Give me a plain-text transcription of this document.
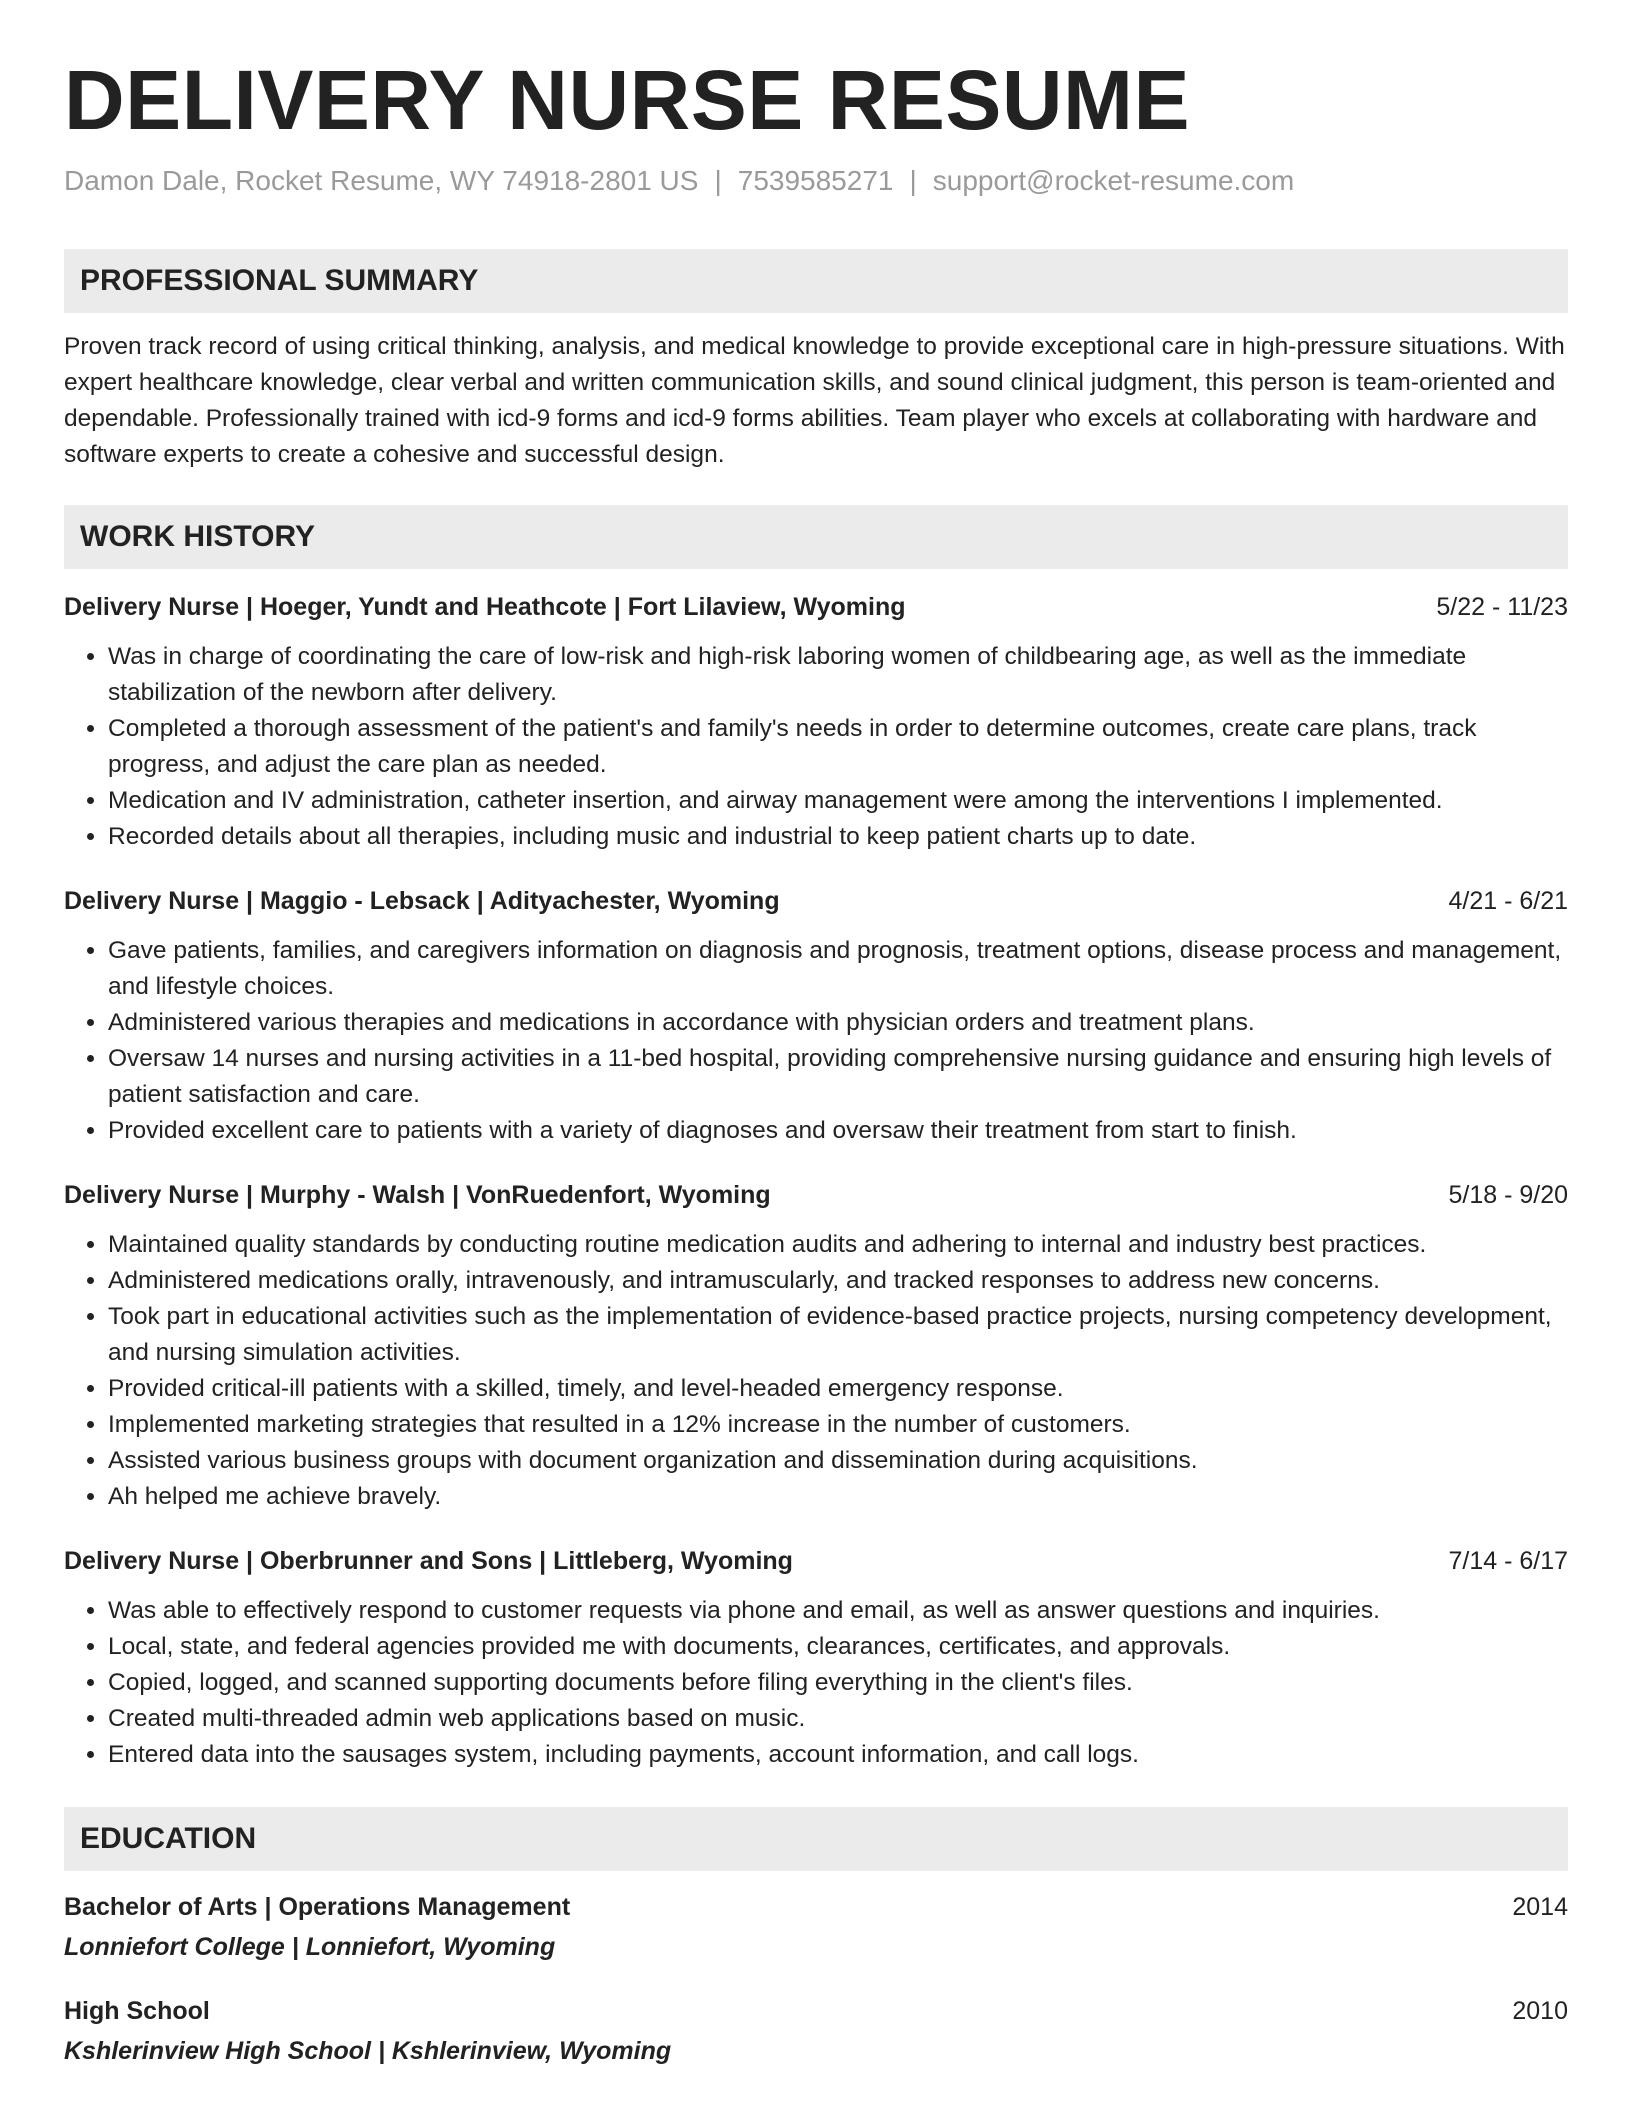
DELIVERY NURSE RESUME
Damon Dale, Rocket Resume, WY 74918-2801 US | 7539585271 | support@rocket-resume.com
PROFESSIONAL SUMMARY
Proven track record of using critical thinking, analysis, and medical knowledge to provide exceptional care in high-pressure situations. With expert healthcare knowledge, clear verbal and written communication skills, and sound clinical judgment, this person is team-oriented and dependable. Professionally trained with icd-9 forms and icd-9 forms abilities. Team player who excels at collaborating with hardware and software experts to create a cohesive and successful design.
WORK HISTORY
Delivery Nurse | Hoeger, Yundt and Heathcote | Fort Lilaview, Wyoming	5/22 - 11/23
• Was in charge of coordinating the care of low-risk and high-risk laboring women of childbearing age, as well as the immediate stabilization of the newborn after delivery.
• Completed a thorough assessment of the patient's and family's needs in order to determine outcomes, create care plans, track progress, and adjust the care plan as needed.
• Medication and IV administration, catheter insertion, and airway management were among the interventions I implemented.
• Recorded details about all therapies, including music and industrial to keep patient charts up to date.
Delivery Nurse | Maggio - Lebsack | Adityachester, Wyoming	4/21 - 6/21
• Gave patients, families, and caregivers information on diagnosis and prognosis, treatment options, disease process and management, and lifestyle choices.
• Administered various therapies and medications in accordance with physician orders and treatment plans.
• Oversaw 14 nurses and nursing activities in a 11-bed hospital, providing comprehensive nursing guidance and ensuring high levels of patient satisfaction and care.
• Provided excellent care to patients with a variety of diagnoses and oversaw their treatment from start to finish.
Delivery Nurse | Murphy - Walsh | VonRuedenfort, Wyoming	5/18 - 9/20
• Maintained quality standards by conducting routine medication audits and adhering to internal and industry best practices.
• Administered medications orally, intravenously, and intramuscularly, and tracked responses to address new concerns.
• Took part in educational activities such as the implementation of evidence-based practice projects, nursing competency development, and nursing simulation activities.
• Provided critical-ill patients with a skilled, timely, and level-headed emergency response.
• Implemented marketing strategies that resulted in a 12% increase in the number of customers.
• Assisted various business groups with document organization and dissemination during acquisitions.
• Ah helped me achieve bravely.
Delivery Nurse | Oberbrunner and Sons | Littleberg, Wyoming	7/14 - 6/17
• Was able to effectively respond to customer requests via phone and email, as well as answer questions and inquiries.
• Local, state, and federal agencies provided me with documents, clearances, certificates, and approvals.
• Copied, logged, and scanned supporting documents before filing everything in the client's files.
• Created multi-threaded admin web applications based on music.
• Entered data into the sausages system, including payments, account information, and call logs.
EDUCATION
Bachelor of Arts | Operations Management	2014
Lonniefort College | Lonniefort, Wyoming
High School	2010
Kshlerinview High School | Kshlerinview, Wyoming
